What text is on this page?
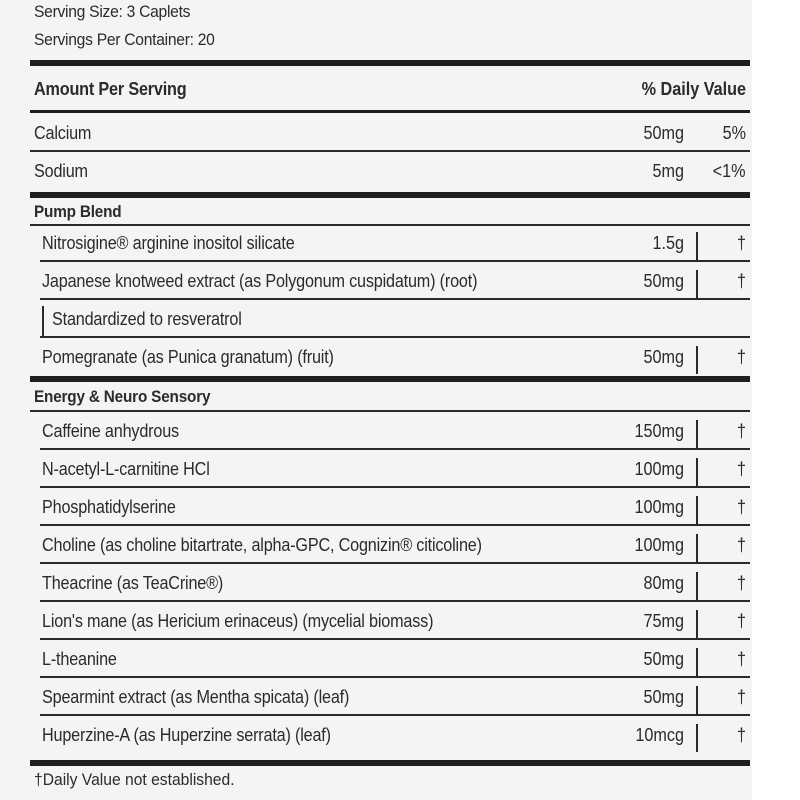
Serving Size: 3 Caplets
Servings Per Container: 20
Amount Per Serving	% Daily Value
Calcium	50mg 5%
Sodium	5mg <1%
Pump Blend
Nitrosigine® arginine inositol silicate	1.5g	†
Japanese knotweed extract (as Polygonum cuspidatum) (root)	50mg	†
Standardized to resveratrol
Pomegranate (as Punica granatum) (fruit)	50mg	†
Energy & Neuro Sensory
Caffeine anhydrous	150mg	†
N-acetyl-L-carnitine HCl	100mg	†
Phosphatidylserine	100mg	†
Choline (as choline bitartrate, alpha-GPC, Cognizin® citicoline)	100mg	†
Theacrine (as TeaCrine®)	80mg	†
Lion's mane (as Hericium erinaceus) (mycelial biomass)	75mg	†
L-theanine	50mg	†
Spearmint extract (as Mentha spicata) (leaf)	50mg	†
Huperzine-A (as Huperzine serrata) (leaf)	10mcg	†
†Daily Value not established.
